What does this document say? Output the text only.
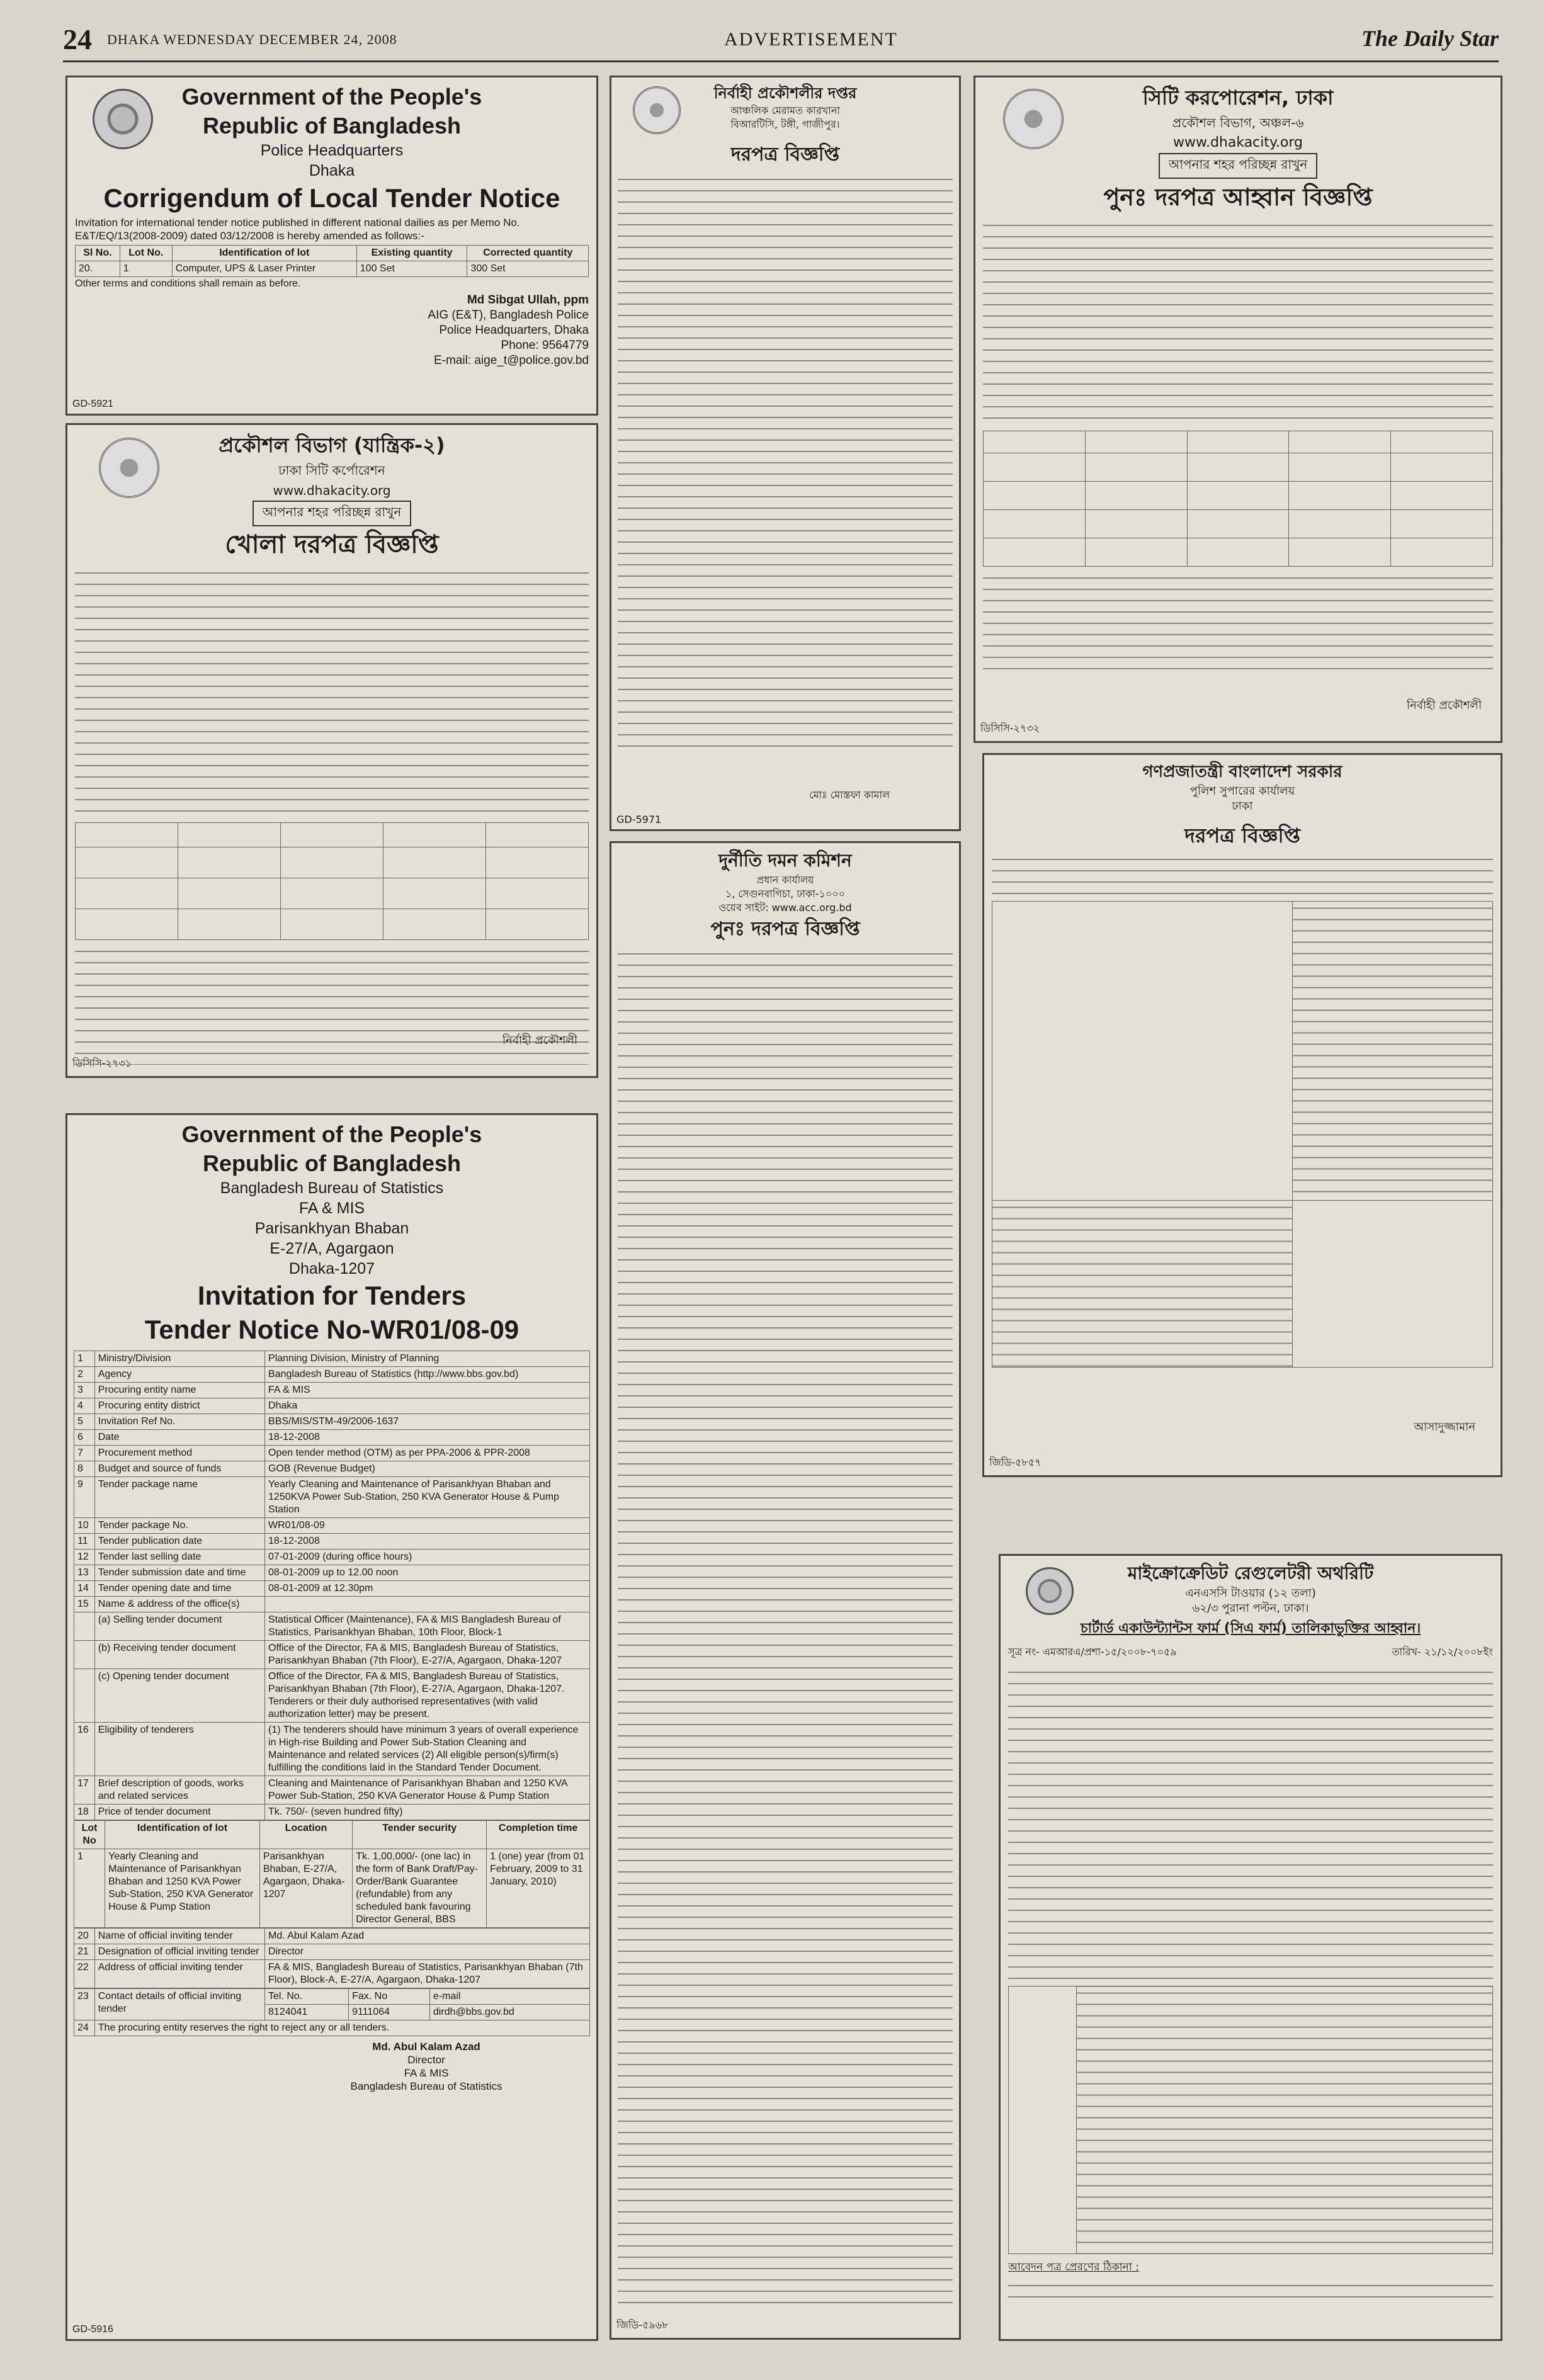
24 DHAKA WEDNESDAY DECEMBER 24, 2008	ADVERTISEMENT	The Daily Star
Government of the People's
Republic of Bangladesh
Police Headquarters
Dhaka
Corrigendum of Local Tender Notice
Invitation for international tender notice published in different national dailies as per Memo No. E&T/EQ/13(2008-2009) dated 03/12/2008 is hereby amended as follows:-
Sl No.	Lot No.	Identification of lot	Existing quantity	Corrected quantity
20.	1	Computer, UPS & Laser Printer	100 Set	300 Set
Other terms and conditions shall remain as before.
Md Sibgat Ullah, ppm
AIG (E&T), Bangladesh Police
Police Headquarters, Dhaka
Phone: 9564779
E-mail: aige_t@police.gov.bd
GD-5921
প্রকৌশল বিভাগ (যান্ত্রিক-২)
ঢাকা সিটি কর্পোরেশন
www.dhakacity.org
আপনার শহর পরিচ্ছন্ন রাখুন
খোলা দরপত্র বিজ্ঞপ্তি

নির্বাহী প্রকৌশলী
ডিসিসি-২৭৩১
নির্বাহী প্রকৌশলীর দপ্তর
আঞ্চলিক মেরামত কারখানা
বিআরটিসি, টঙ্গী, গাজীপুর।
দরপত্র বিজ্ঞপ্তি
মোঃ মোস্তফা কামাল
GD-5971
দুর্নীতি দমন কমিশন
প্রধান কার্যালয়
১, সেগুনবাগিচা, ঢাকা-১০০০
ওয়েব সাইট: www.acc.org.bd
পুনঃ দরপত্র বিজ্ঞপ্তি
জিডি-৫৯৬৮
সিটি করপোরেশন, ঢাকা
প্রকৌশল বিভাগ, অঞ্চল-৬
www.dhakacity.org
আপনার শহর পরিচ্ছন্ন রাখুন
পুনঃ দরপত্র আহ্বান বিজ্ঞপ্তি

নির্বাহী প্রকৌশলী
ডিসিসি-২৭৩২
গণপ্রজাতন্ত্রী বাংলাদেশ সরকার
পুলিশ সুপারের কার্যালয়
ঢাকা
দরপত্র বিজ্ঞপ্তি

আসাদুজ্জামান
জিডি-৫৮৫৭
মাইক্রোক্রেডিট রেগুলেটরী অথরিটি
এনএসসি টাওয়ার (১২ তলা)
৬২/৩ পুরানা পল্টন, ঢাকা।
চার্টার্ড একাউন্ট্যান্টস ফার্ম (সিএ ফার্ম) তালিকাভুক্তির আহ্বান।
সূত্র নং- এমআরএ/প্রশা-১৫/২০০৮-৭০৫৯	তারিখ- ২১/১২/২০০৮ইং

আবেদন পত্র প্রেরণের ঠিকানা :
Government of the People's
Republic of Bangladesh
Bangladesh Bureau of Statistics
FA & MIS
Parisankhyan Bhaban
E-27/A, Agargaon
Dhaka-1207
Invitation for Tenders
Tender Notice No-WR01/08-09
1	Ministry/Division	Planning Division, Ministry of Planning
2	Agency	Bangladesh Bureau of Statistics (http://www.bbs.gov.bd)
3	Procuring entity name	FA & MIS
4	Procuring entity district	Dhaka
5	Invitation Ref No.	BBS/MIS/STM-49/2006-1637
6	Date	18-12-2008
7	Procurement method	Open tender method (OTM) as per PPA-2006 & PPR-2008
8	Budget and source of funds	GOB (Revenue Budget)
9	Tender package name	Yearly Cleaning and Maintenance of Parisankhyan Bhaban and 1250KVA Power Sub-Station, 250 KVA Generator House & Pump Station
10	Tender package No.	WR01/08-09
11	Tender publication date	18-12-2008
12	Tender last selling date	07-01-2009 (during office hours)
13	Tender submission date and time	08-01-2009 up to 12.00 noon
14	Tender opening date and time	08-01-2009 at 12.30pm
15	Name & address of the office(s)	
	(a) Selling tender document	Statistical Officer (Maintenance), FA & MIS Bangladesh Bureau of Statistics, Parisankhyan Bhaban, 10th Floor, Block-1
	(b) Receiving tender document	Office of the Director, FA & MIS, Bangladesh Bureau of Statistics, Parisankhyan Bhaban (7th Floor), E-27/A, Agargaon, Dhaka-1207
	(c) Opening tender document	Office of the Director, FA & MIS, Bangladesh Bureau of Statistics, Parisankhyan Bhaban (7th Floor), E-27/A, Agargaon, Dhaka-1207. Tenderers or their duly authorised representatives (with valid authorization letter) may be present.
16	Eligibility of tenderers	(1) The tenderers should have minimum 3 years of overall experience in High-rise Building and Power Sub-Station Cleaning and Maintenance and related services (2) All eligible person(s)/firm(s) fulfilling the conditions laid in the Standard Tender Document.
17	Brief description of goods, works and related services	Cleaning and Maintenance of Parisankhyan Bhaban and 1250 KVA Power Sub-Station, 250 KVA Generator House & Pump Station
18	Price of tender document	Tk. 750/- (seven hundred fifty)
Lot No	Identification of lot	Location	Tender security	Completion time
1	Yearly Cleaning and Maintenance of Parisankhyan Bhaban and 1250 KVA Power Sub-Station, 250 KVA Generator House & Pump Station	Parisankhyan Bhaban, E-27/A, Agargaon, Dhaka-1207	Tk. 1,00,000/- (one lac) in the form of Bank Draft/Pay-Order/Bank Guarantee (refundable) from any scheduled bank favouring Director General, BBS	1 (one) year (from 01 February, 2009 to 31 January, 2010)
20	Name of official inviting tender	Md. Abul Kalam Azad
21	Designation of official inviting tender	Director
22	Address of official inviting tender	FA & MIS, Bangladesh Bureau of Statistics, Parisankhyan Bhaban (7th Floor), Block-A, E-27/A, Agargaon, Dhaka-1207
23	Contact details of official inviting tender	Tel. No.	Fax. No	e-mail
		8124041	9111064	dirdh@bbs.gov.bd
24	The procuring entity reserves the right to reject any or all tenders.			
Md. Abul Kalam Azad
Director
FA & MIS
Bangladesh Bureau of Statistics
GD-5916
